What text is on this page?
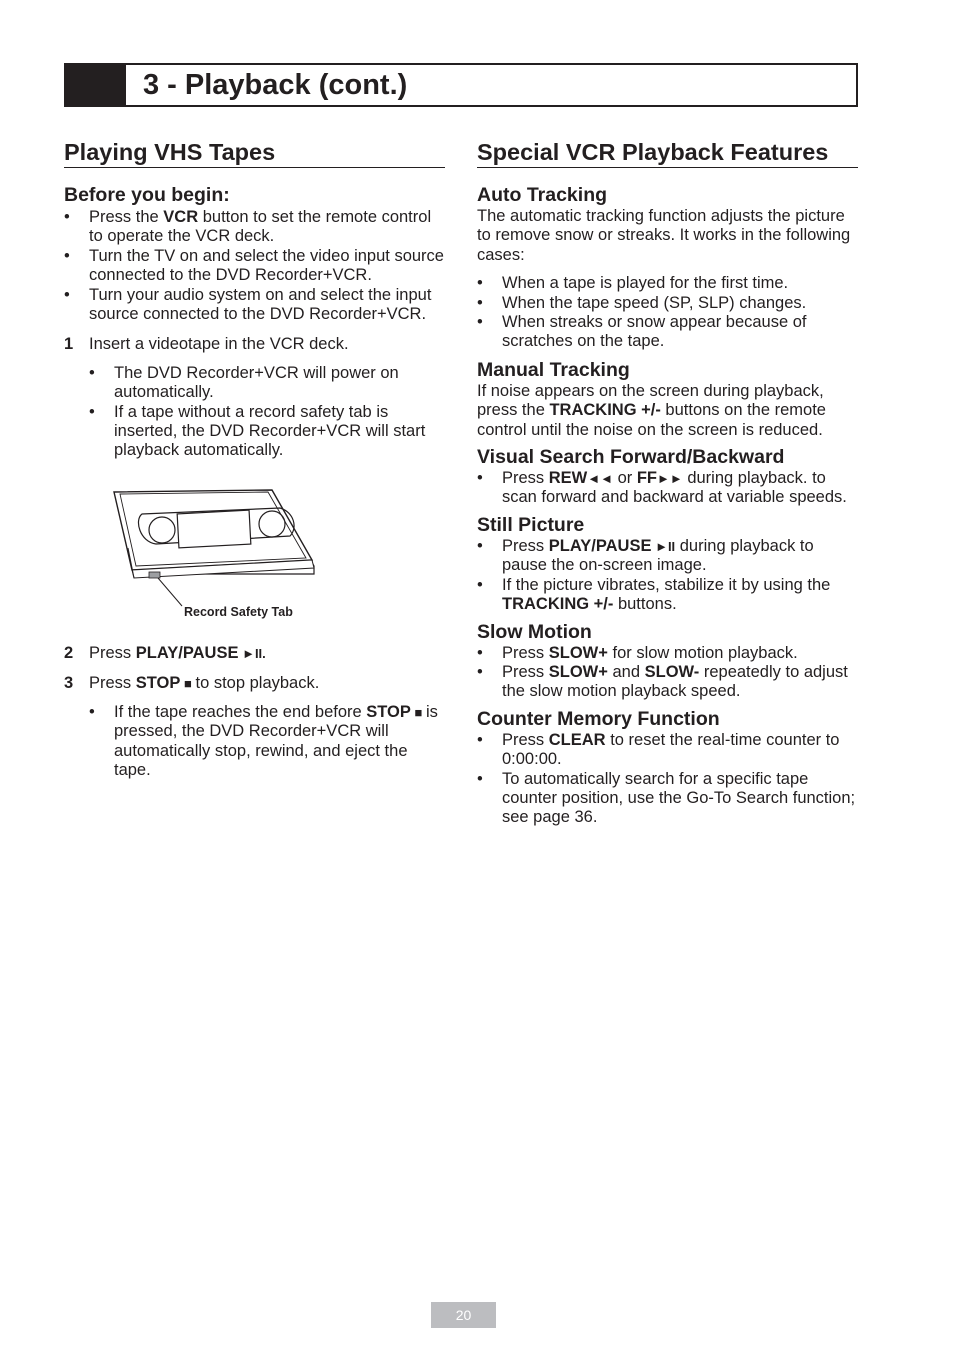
3 - Playback (cont.)
Playing VHS Tapes
Before you begin:
• Press the VCR button to set the remote control to operate the VCR deck.
• Turn the TV on and select the video input source connected to the DVD Recorder+VCR.
• Turn your audio system on and select the input source connected to the DVD Recorder+VCR.
1 Insert a videotape in the VCR deck.
• The DVD Recorder+VCR will power on automatically.
• If a tape without a record safety tab is inserted, the DVD Recorder+VCR will start playback automatically.
Record Safety Tab
2 Press PLAY/PAUSE ►II.
3 Press STOP ■ to stop playback.
• If the tape reaches the end before STOP ■ is pressed, the DVD Recorder+VCR will automatically stop, rewind, and eject the tape.
Special VCR Playback Features
Auto Tracking

The automatic tracking function adjusts the picture to remove snow or streaks. It works in the following cases:

• When a tape is played for the first time.
• When the tape speed (SP, SLP) changes.
• When streaks or snow appear because of scratches on the tape.
Manual Tracking

If noise appears on the screen during playback, press the TRACKING +/- buttons on the remote control until the noise on the screen is reduced.

Visual Search Forward/Backward
• Press REW◄◄ or FF►► during playback. to scan forward and backward at variable speeds.
Still Picture
• Press PLAY/PAUSE ►II during playback to pause the on-screen image.
• If the picture vibrates, stabilize it by using the TRACKING +/- buttons.
Slow Motion
• Press SLOW+ for slow motion playback.
• Press SLOW+ and SLOW- repeatedly to adjust the slow motion playback speed.
Counter Memory Function
• Press CLEAR to reset the real-time counter to 0:00:00.
• To automatically search for a specific tape counter position, use the Go-To Search function; see page 36.
20
